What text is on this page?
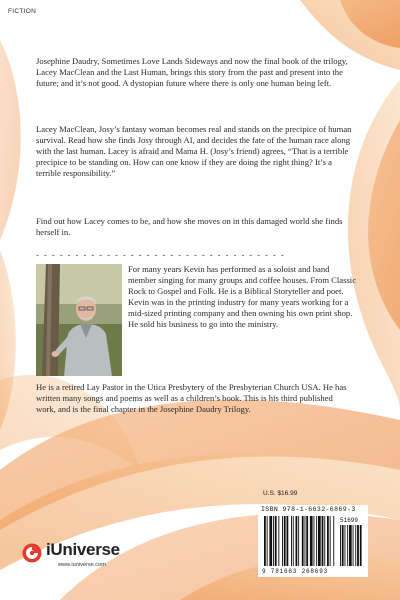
FICTION

Josephine Daudry, Sometimes Love Lands Sideways and now the final book of the trilogy, Lacey MacClean and the Last Human, brings this story from the past and present into the future; and it’s not good. A dystopian future where there is only one human being left.

Lacey MacClean, Josy’s fantasy woman becomes real and stands on the precipice of human survival. Read how she finds Josy through AI, and decides the fate of the human race along with the last human. Lacey is afraid and Mama H. (Josy’s friend) agrees, “That is a terrible precipice to be standing on. How can one know if they are doing the right thing? It’s a terrible responsibility.”

Find out how Lacey comes to be, and how she moves on in this damaged world she finds herself in.

- - - - - - - - - - - - - - - - - - - - - - - - - - - - - - - -

For many years Kevin has performed as a soloist and band member singing for many groups and coffee houses. From Classic Rock to Gospel and Folk. He is a Biblical Storyteller and poet. Kevin was in the printing industry for many years working for a mid-sized printing company and then owning his own print shop. He sold his business to go into the ministry.

He is a retired Lay Pastor in the Utica Presbytery of the Presbyterian Church USA. He has written many songs and poems as well as a children’s book. This is his third published work, and is the final chapter in the Josephine Daudry Trilogy.

U.S. $16.99
ISBN 978-1-6632-6869-3
51699
9 781663 268693
iUniverse
www.iuniverse.com
